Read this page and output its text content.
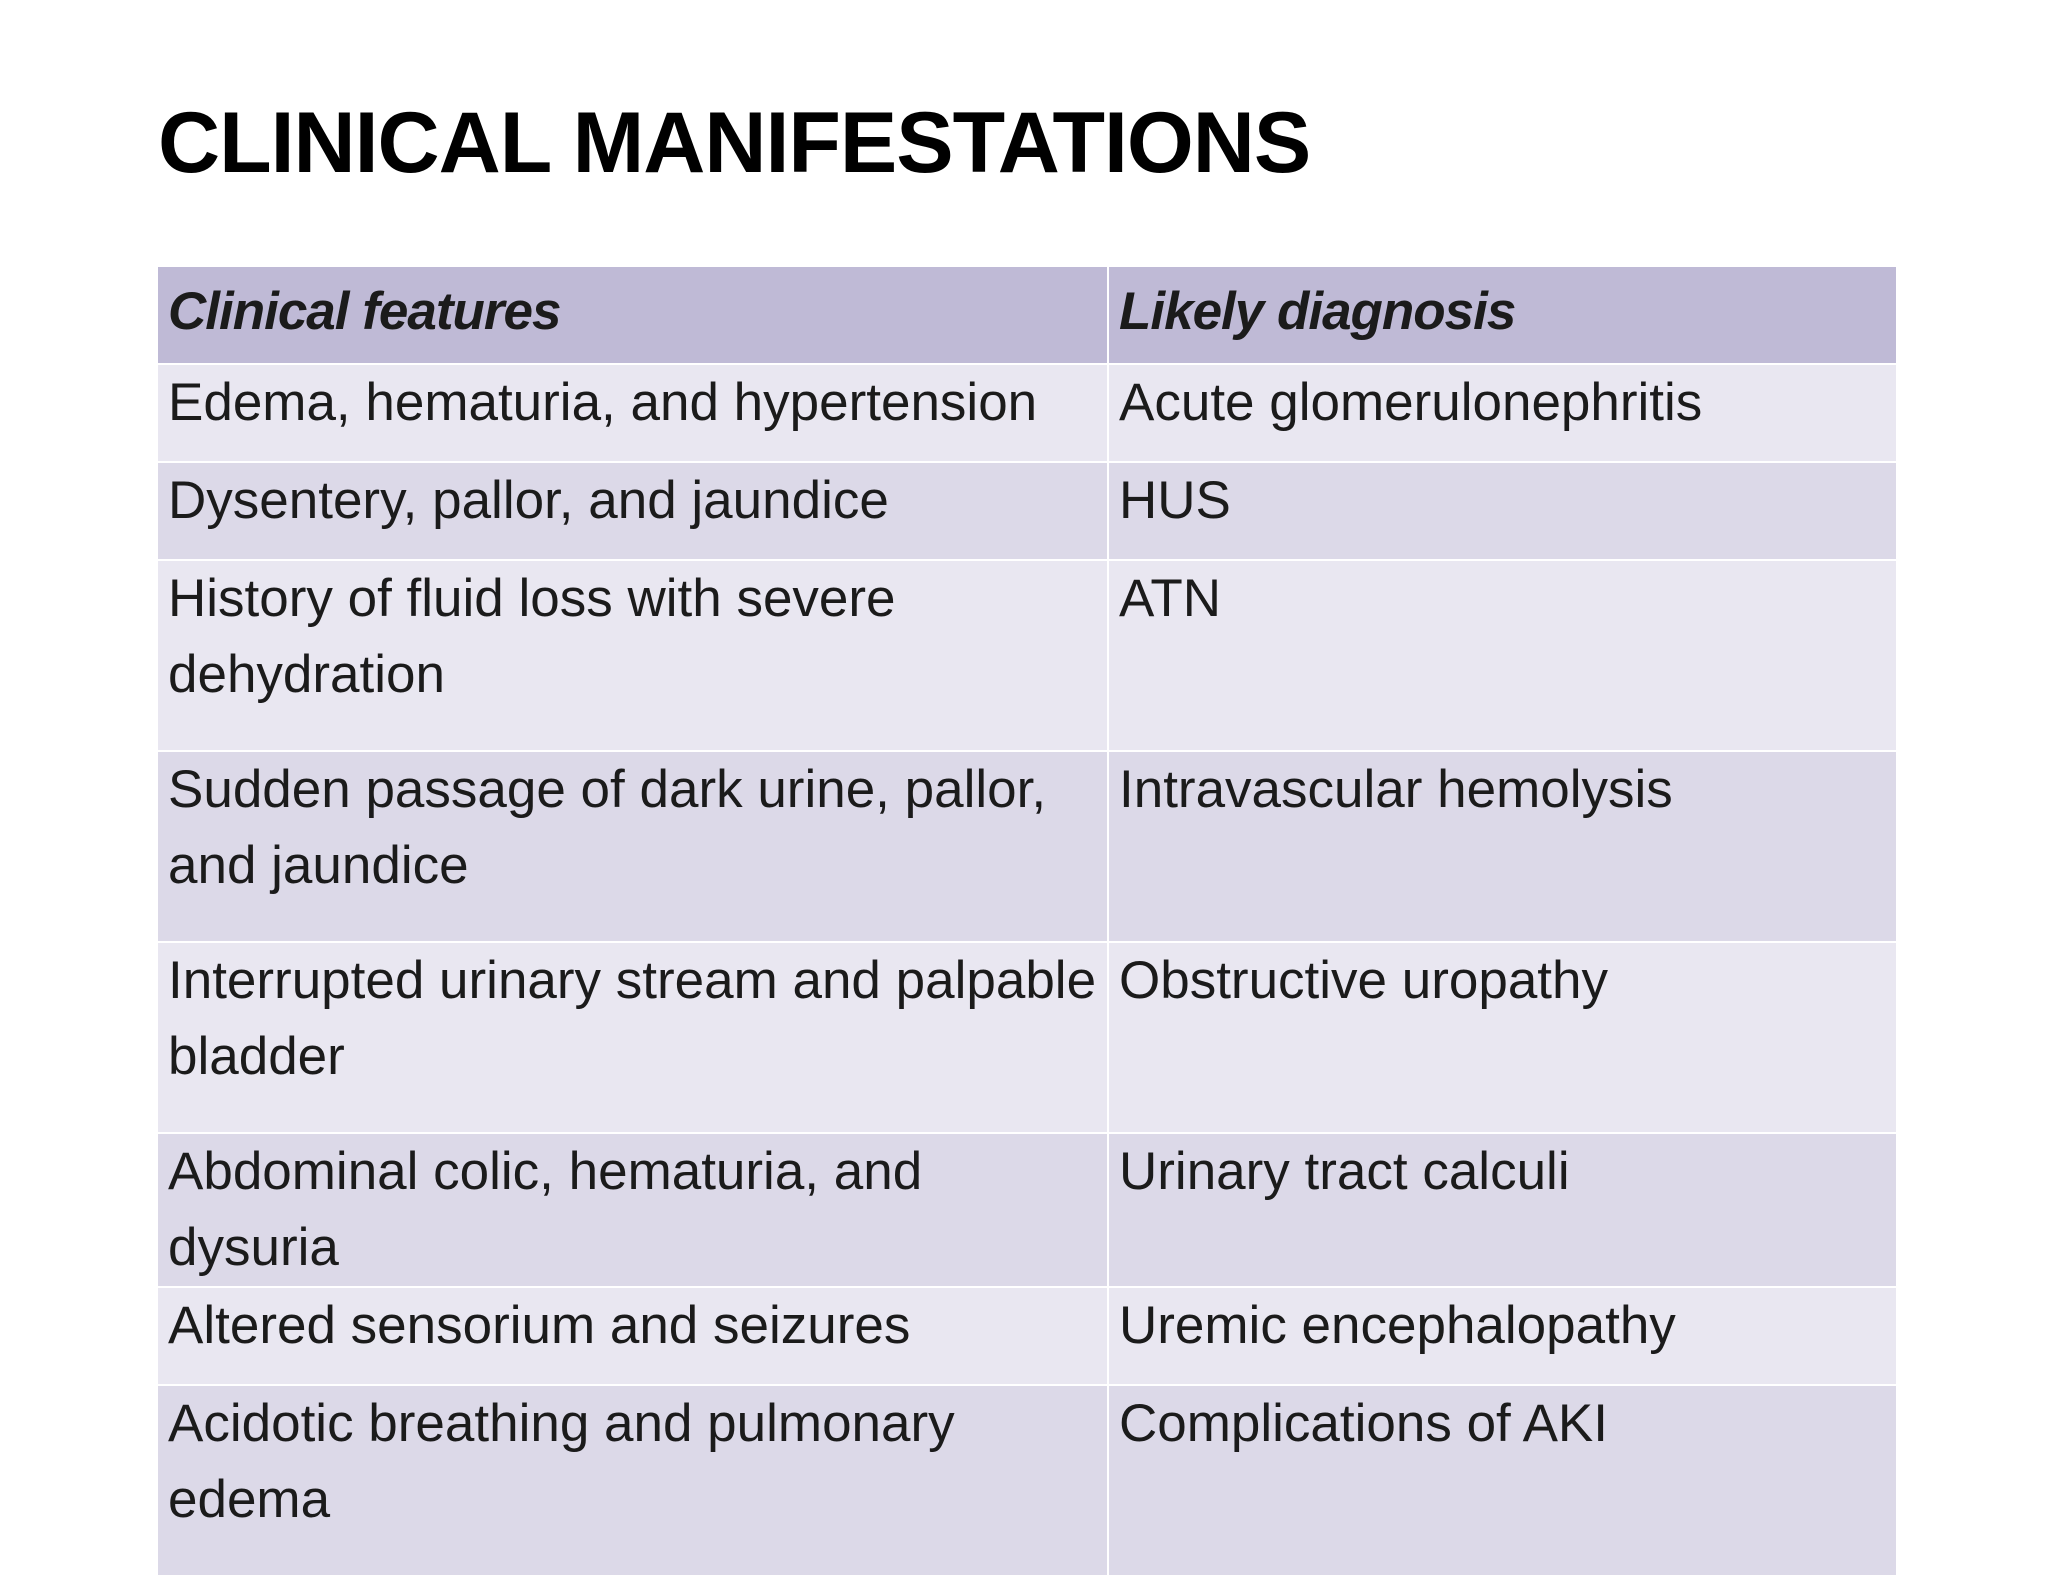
CLINICAL MANIFESTATIONS
Clinical features	Likely diagnosis
Edema, hematuria, and hypertension	Acute glomerulonephritis
Dysentery, pallor, and jaundice	HUS
History of fluid loss with severe dehydration	ATN
Sudden passage of dark urine, pallor, and jaundice	Intravascular hemolysis
Interrupted urinary stream and palpable bladder	Obstructive uropathy
Abdominal colic, hematuria, and dysuria	Urinary tract calculi
Altered sensorium and seizures	Uremic encephalopathy
Acidotic breathing and pulmonary edema	Complications of AKI
